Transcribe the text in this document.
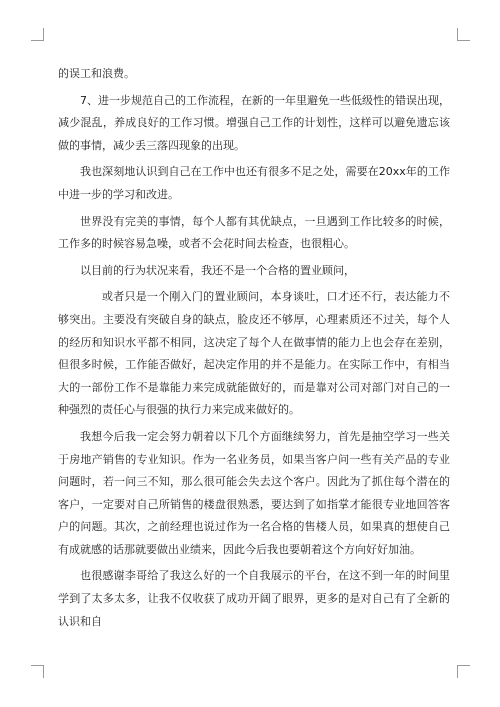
的误工和浪费。

7、进一步规范自己的工作流程，在新的一年里避免一些低级性的错误出现，减少混乱，养成良好的工作习惯。增强自己工作的计划性，这样可以避免遗忘该做的事情，减少丢三落四现象的出现。

我也深刻地认识到自己在工作中也还有很多不足之处，需要在20xx年的工作中进一步的学习和改进。

世界没有完美的事情，每个人都有其优缺点，一旦遇到工作比较多的时候，工作多的时候容易急噪，或者不会花时间去检查，也很粗心。

以目前的行为状况来看，我还不是一个合格的置业顾问，

或者只是一个刚入门的置业顾问，本身谈吐，口才还不行，表达能力不够突出。主要没有突破自身的缺点，脸皮还不够厚，心理素质还不过关，每个人的经历和知识水平都不相同，这决定了每个人在做事情的能力上也会存在差别，但很多时候，工作能否做好，起决定作用的并不是能力。在实际工作中，有相当大的一部份工作不是靠能力来完成就能做好的，而是靠对公司对部门对自己的一种强烈的责任心与很强的执行力来完成来做好的。

我想今后我一定会努力朝着以下几个方面继续努力，首先是抽空学习一些关于房地产销售的专业知识。作为一名业务员，如果当客户问一些有关产品的专业问题时，若一问三不知，那么很可能会失去这个客户。因此为了抓住每个潜在的客户，一定要对自己所销售的楼盘很熟悉，要达到了如指掌才能很专业地回答客户的问题。其次，之前经理也说过作为一名合格的售楼人员，如果真的想使自己有成就感的话那就要做出业绩来，因此今后我也要朝着这个方向好好加油。

也很感谢李哥给了我这么好的一个自我展示的平台，在这不到一年的时间里学到了太多太多，让我不仅收获了成功开阔了眼界，更多的是对自己有了全新的认识和自
